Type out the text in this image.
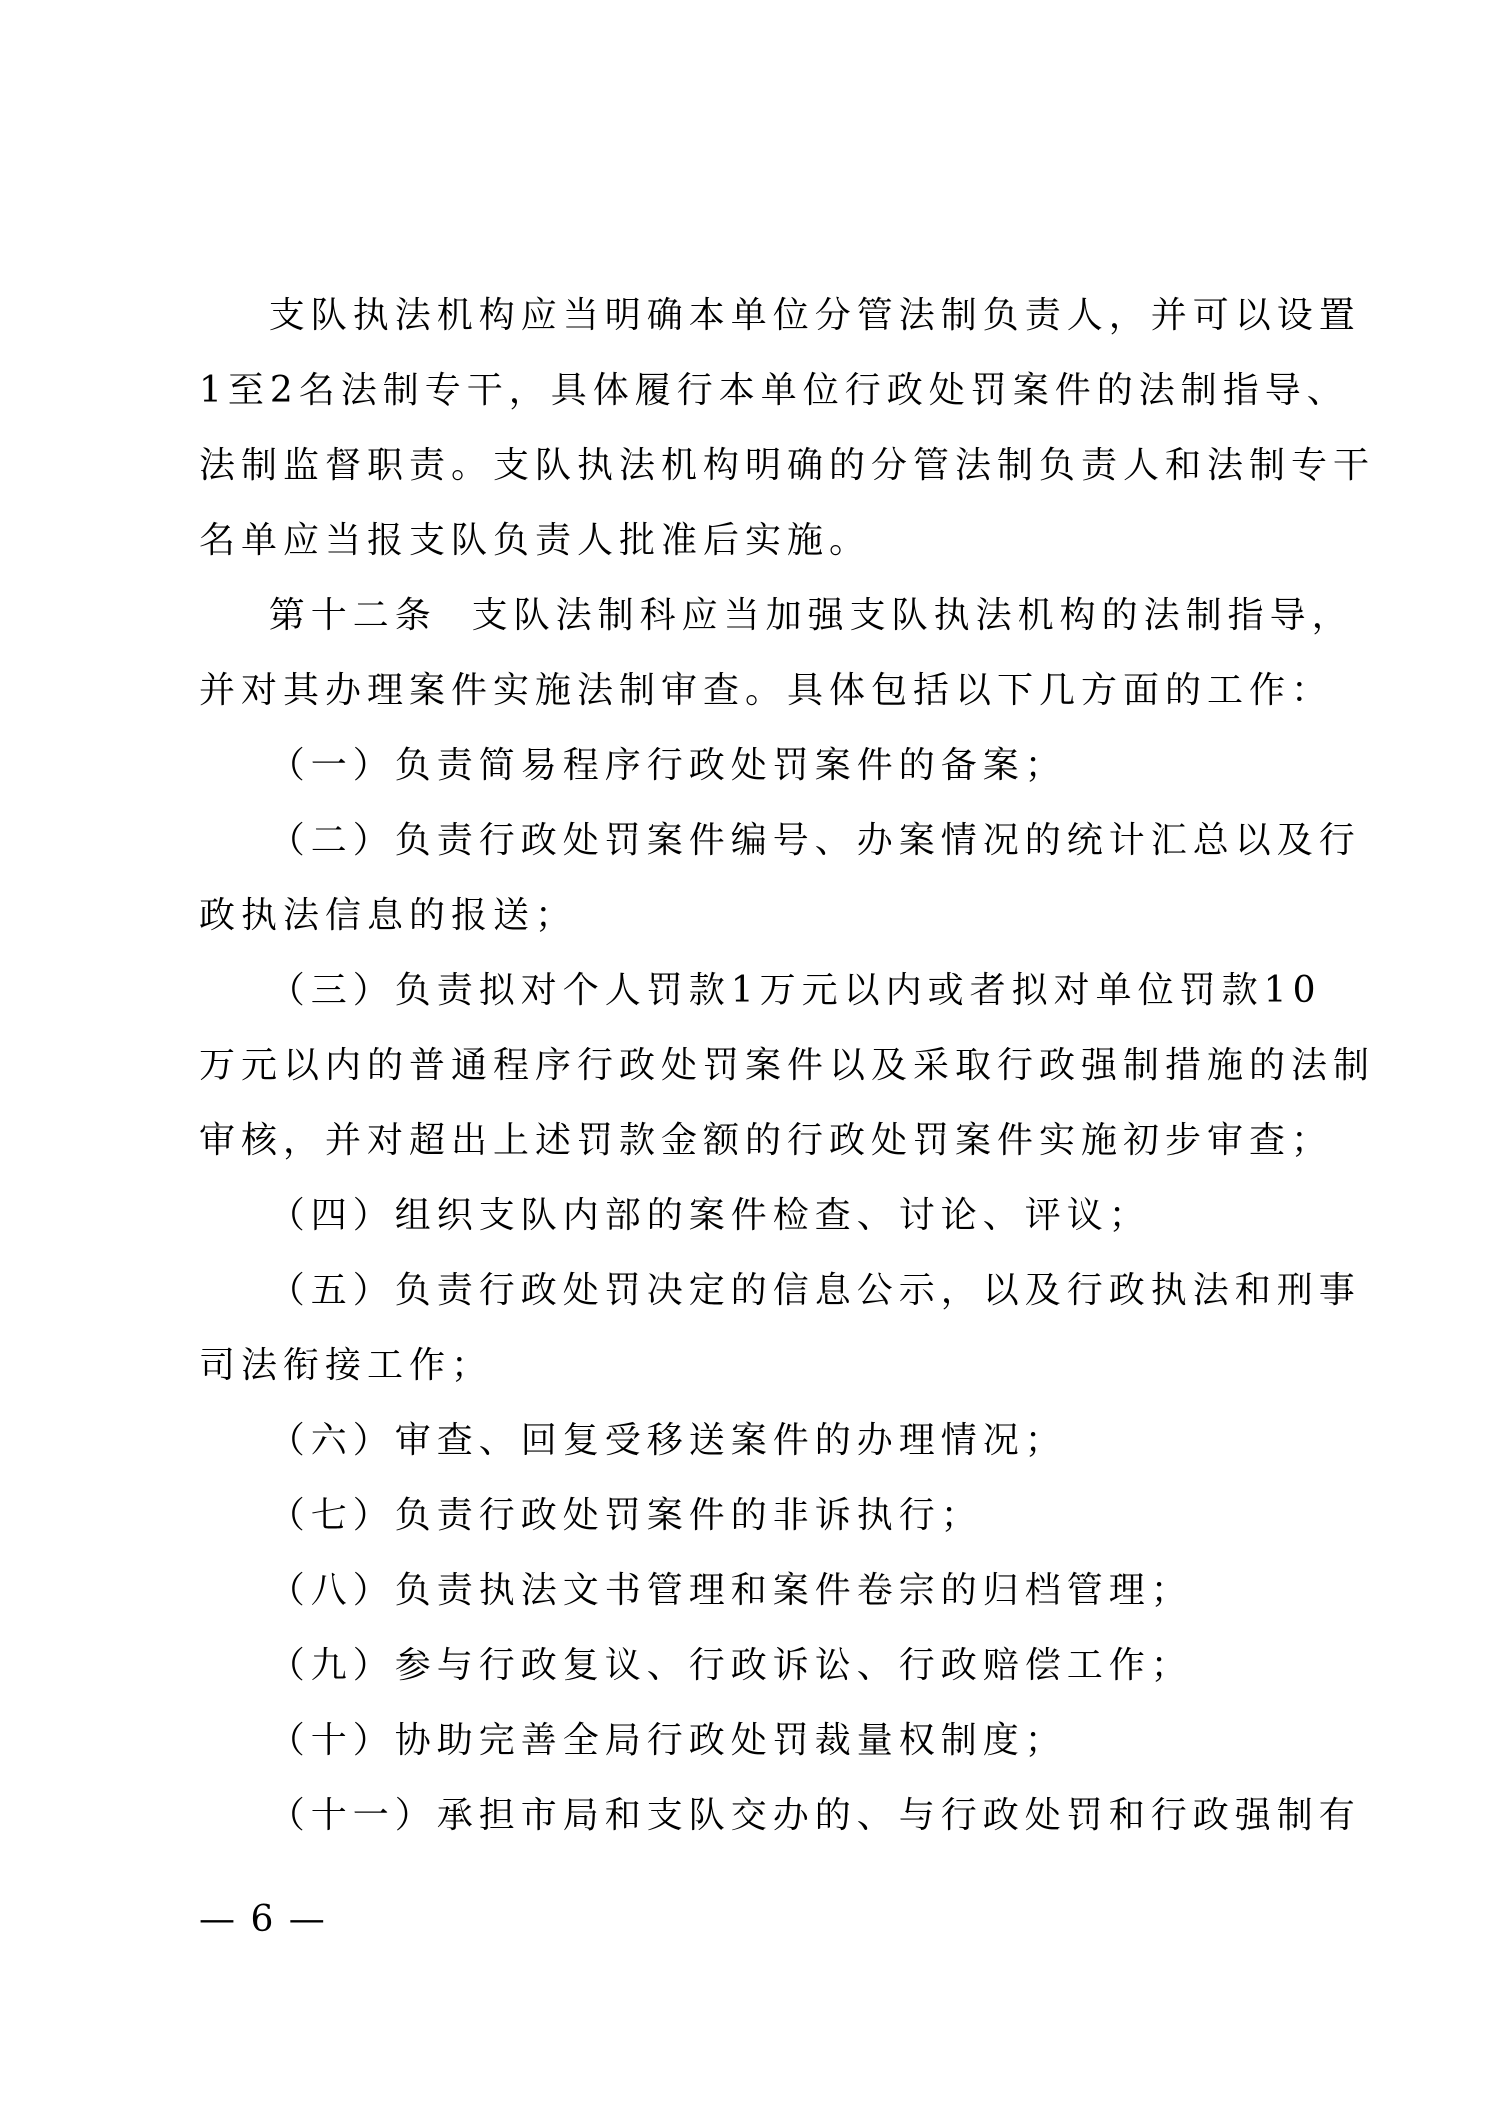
支队执法机构应当明确本单位分管法制负责人，并可以设置
1至2名法制专干，具体履行本单位行政处罚案件的法制指导、
法制监督职责。支队执法机构明确的分管法制负责人和法制专干
名单应当报支队负责人批准后实施。
第十二条  支队法制科应当加强支队执法机构的法制指导，
并对其办理案件实施法制审查。具体包括以下几方面的工作：
（一）负责简易程序行政处罚案件的备案；
（二）负责行政处罚案件编号、办案情况的统计汇总以及行
政执法信息的报送；
（三）负责拟对个人罚款1万元以内或者拟对单位罚款10
万元以内的普通程序行政处罚案件以及采取行政强制措施的法制
审核，并对超出上述罚款金额的行政处罚案件实施初步审查；
（四）组织支队内部的案件检查、讨论、评议；
（五）负责行政处罚决定的信息公示，以及行政执法和刑事
司法衔接工作；
（六）审查、回复受移送案件的办理情况；
（七）负责行政处罚案件的非诉执行；
（八）负责执法文书管理和案件卷宗的归档管理；
（九）参与行政复议、行政诉讼、行政赔偿工作；
（十）协助完善全局行政处罚裁量权制度；
（十一）承担市局和支队交办的、与行政处罚和行政强制有
— 6 —
